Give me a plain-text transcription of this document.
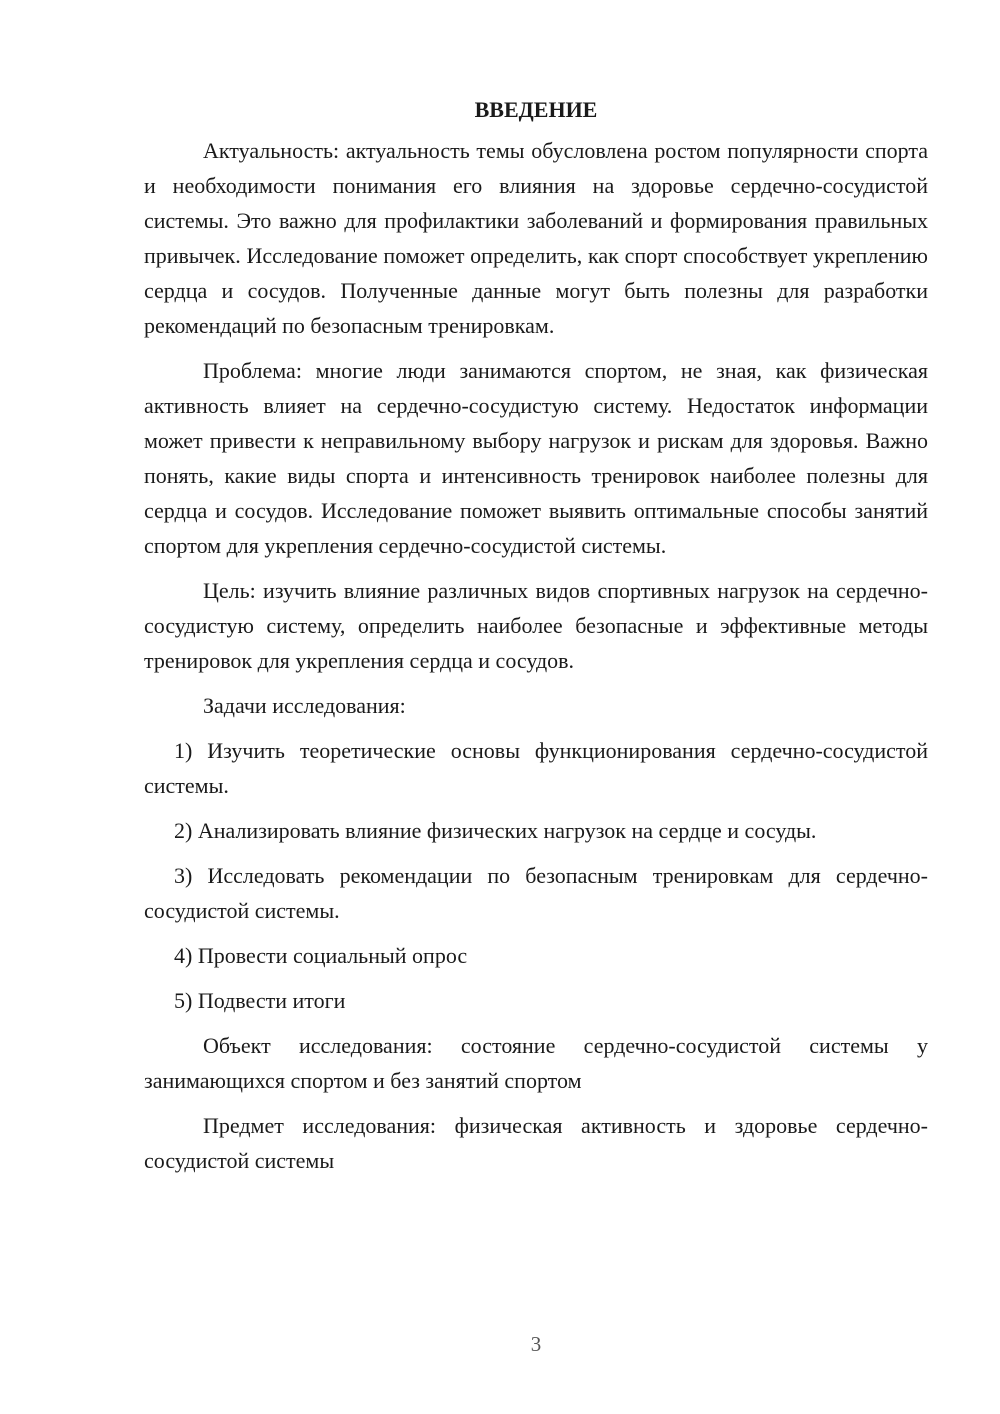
ВВЕДЕНИЕ

Актуальность: актуальность темы обусловлена ростом популярности спорта и необходимости понимания его влияния на здоровье сердечно-сосудистой системы. Это важно для профилактики заболеваний и формирования правильных привычек. Исследование поможет определить, как спорт способствует укреплению сердца и сосудов. Полученные данные могут быть полезны для разработки рекомендаций по безопасным тренировкам.

Проблема: многие люди занимаются спортом, не зная, как физическая активность влияет на сердечно-сосудистую систему. Недостаток информации может привести к неправильному выбору нагрузок и рискам для здоровья. Важно понять, какие виды спорта и интенсивность тренировок наиболее полезны для сердца и сосудов. Исследование поможет выявить оптимальные способы занятий спортом для укрепления сердечно-сосудистой системы.

Цель: изучить влияние различных видов спортивных нагрузок на сердечно-сосудистую систему, определить наиболее безопасные и эффективные методы тренировок для укрепления сердца и сосудов.

Задачи исследования:

1) Изучить теоретические основы функционирования сердечно-сосудистой системы.

2) Анализировать влияние физических нагрузок на сердце и сосуды.

3) Исследовать рекомендации по безопасным тренировкам для сердечно-сосудистой системы.

4) Провести социальный опрос

5) Подвести итоги

Объект исследования: состояние сердечно-сосудистой системы у занимающихся спортом и без занятий спортом

Предмет исследования: физическая активность и здоровье сердечно-сосудистой системы

3
